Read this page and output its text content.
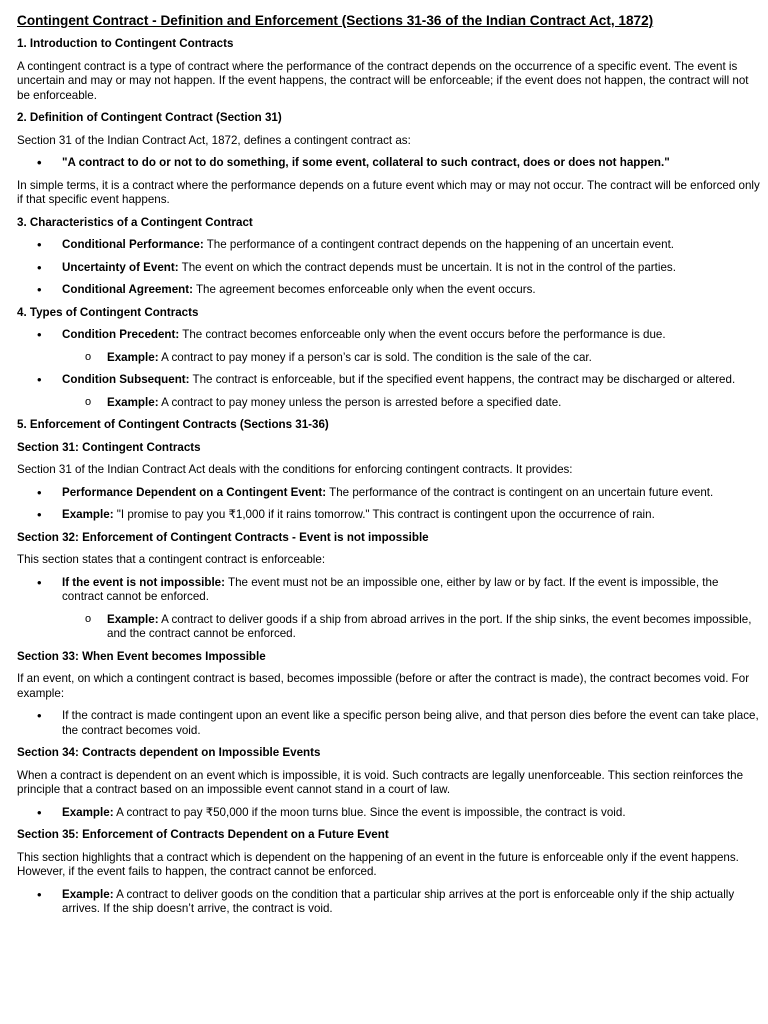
Contingent Contract - Definition and Enforcement (Sections 31-36 of the Indian Contract Act, 1872)
1. Introduction to Contingent Contracts

A contingent contract is a type of contract where the performance of the contract depends on the occurrence of a specific event. The event is uncertain and may or may not happen. If the event happens, the contract will be enforceable; if the event does not happen, the contract will not be enforceable.

2. Definition of Contingent Contract (Section 31)

Section 31 of the Indian Contract Act, 1872, defines a contingent contract as:

• "A contract to do or not to do something, if some event, collateral to such contract, does or does not happen."

In simple terms, it is a contract where the performance depends on a future event which may or may not occur. The contract will be enforced only if that specific event happens.

3. Characteristics of a Contingent Contract
• Conditional Performance: The performance of a contingent contract depends on the happening of an uncertain event.
• Uncertainty of Event: The event on which the contract depends must be uncertain. It is not in the control of the parties.
• Conditional Agreement: The agreement becomes enforceable only when the event occurs.
4. Types of Contingent Contracts
• Condition Precedent: The contract becomes enforceable only when the event occurs before the performance is due.
o Example: A contract to pay money if a person’s car is sold. The condition is the sale of the car.
• Condition Subsequent: The contract is enforceable, but if the specified event happens, the contract may be discharged or altered.
o Example: A contract to pay money unless the person is arrested before a specified date.
5. Enforcement of Contingent Contracts (Sections 31-36)
Section 31: Contingent Contracts

Section 31 of the Indian Contract Act deals with the conditions for enforcing contingent contracts. It provides:

• Performance Dependent on a Contingent Event: The performance of the contract is contingent on an uncertain future event.
• Example: "I promise to pay you ₹1,000 if it rains tomorrow." This contract is contingent upon the occurrence of rain.
Section 32: Enforcement of Contingent Contracts - Event is not impossible

This section states that a contingent contract is enforceable:

• If the event is not impossible: The event must not be an impossible one, either by law or by fact. If the event is impossible, the contract cannot be enforced.
o Example: A contract to deliver goods if a ship from abroad arrives in the port. If the ship sinks, the event becomes impossible, and the contract cannot be enforced.
Section 33: When Event becomes Impossible

If an event, on which a contingent contract is based, becomes impossible (before or after the contract is made), the contract becomes void. For example:

• If the contract is made contingent upon an event like a specific person being alive, and that person dies before the event can take place, the contract becomes void.
Section 34: Contracts dependent on Impossible Events

When a contract is dependent on an event which is impossible, it is void. Such contracts are legally unenforceable. This section reinforces the principle that a contract based on an impossible event cannot stand in a court of law.

• Example: A contract to pay ₹50,000 if the moon turns blue. Since the event is impossible, the contract is void.
Section 35: Enforcement of Contracts Dependent on a Future Event

This section highlights that a contract which is dependent on the happening of an event in the future is enforceable only if the event happens. However, if the event fails to happen, the contract cannot be enforced.

• Example: A contract to deliver goods on the condition that a particular ship arrives at the port is enforceable only if the ship actually arrives. If the ship doesn’t arrive, the contract is void.
